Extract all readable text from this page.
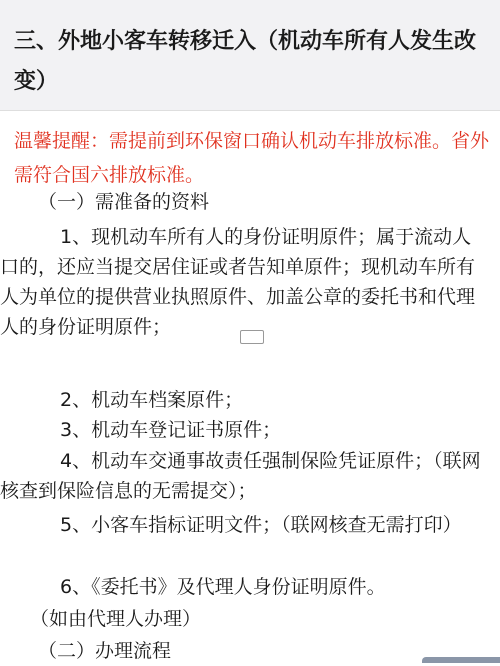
三、外地小客车转移迁入（机动车所有人发生改变）
温馨提醒：需提前到环保窗口确认机动车排放标准。省外需符合国六排放标准。
（一）需准备的资料
1、现机动车所有人的身份证明原件；属于流动人口的，还应当提交居住证或者告知单原件；现机动车所有人为单位的提供营业执照原件、加盖公章的委托书和代理人的身份证明原件；
2、机动车档案原件；
3、机动车登记证书原件；
4、机动车交通事故责任强制保险凭证原件；（联网核查到保险信息的无需提交）；
5、小客车指标证明文件；（联网核查无需打印）
6、《委托书》及代理人身份证明原件。
（如由代理人办理）
（二）办理流程
